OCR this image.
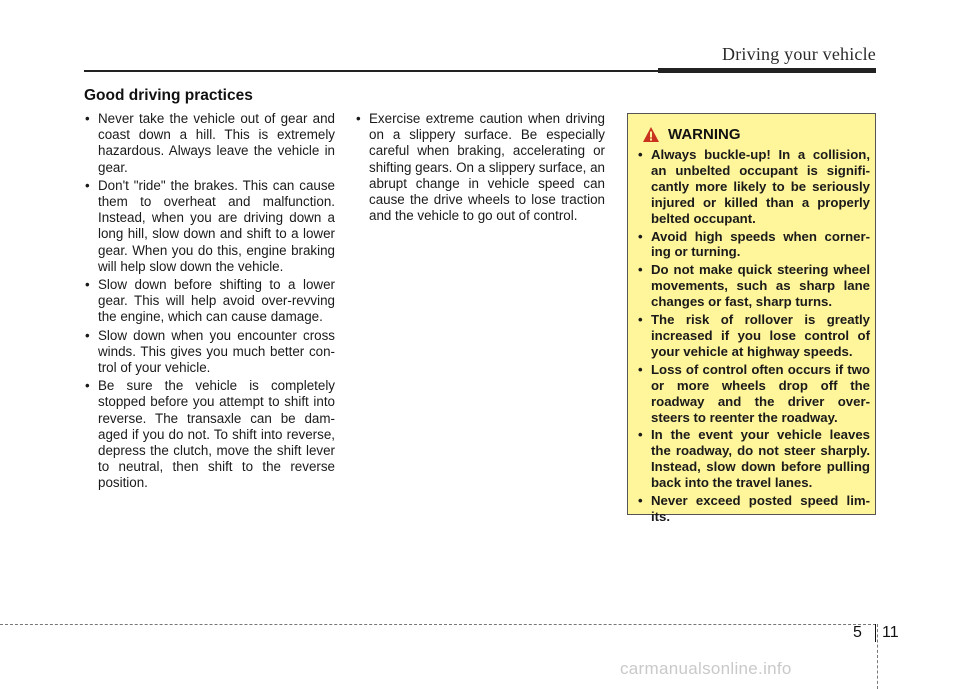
Driving your vehicle
Good driving practices
• Never take the vehicle out of gear and coast down a hill. This is extremely hazardous. Always leave the vehicle in gear.
• Don't "ride" the brakes. This can cause them to overheat and malfunction. Instead, when you are driving down a long hill, slow down and shift to a lower gear. When you do this, engine braking will help slow down the vehicle.
• Slow down before shifting to a lower gear. This will help avoid over-revving the engine, which can cause damage.
• Slow down when you encounter cross winds. This gives you much better con-trol of your vehicle.
• Be sure the vehicle is completely stopped before you attempt to shift into reverse. The transaxle can be dam-aged if you do not. To shift into reverse, depress the clutch, move the shift lever to neutral, then shift to the reverse position.
• Exercise extreme caution when driving on a slippery surface. Be especially careful when braking, accelerating or shifting gears. On a slippery surface, an abrupt change in vehicle speed can cause the drive wheels to lose traction and the vehicle to go out of control.
WARNING
• Always buckle-up! In a collision, an unbelted occupant is signifi-cantly more likely to be seriously injured or killed than a properly belted occupant.
• Avoid high speeds when corner-ing or turning.
• Do not make quick steering wheel movements, such as sharp lane changes or fast, sharp turns.
• The risk of rollover is greatly increased if you lose control of your vehicle at highway speeds.
• Loss of control often occurs if two or more wheels drop off the roadway and the driver over-steers to reenter the roadway.
• In the event your vehicle leaves the roadway, do not steer sharply. Instead, slow down before pulling back into the travel lanes.
• Never exceed posted speed lim-its.
5 11
carmanualsonline.info
